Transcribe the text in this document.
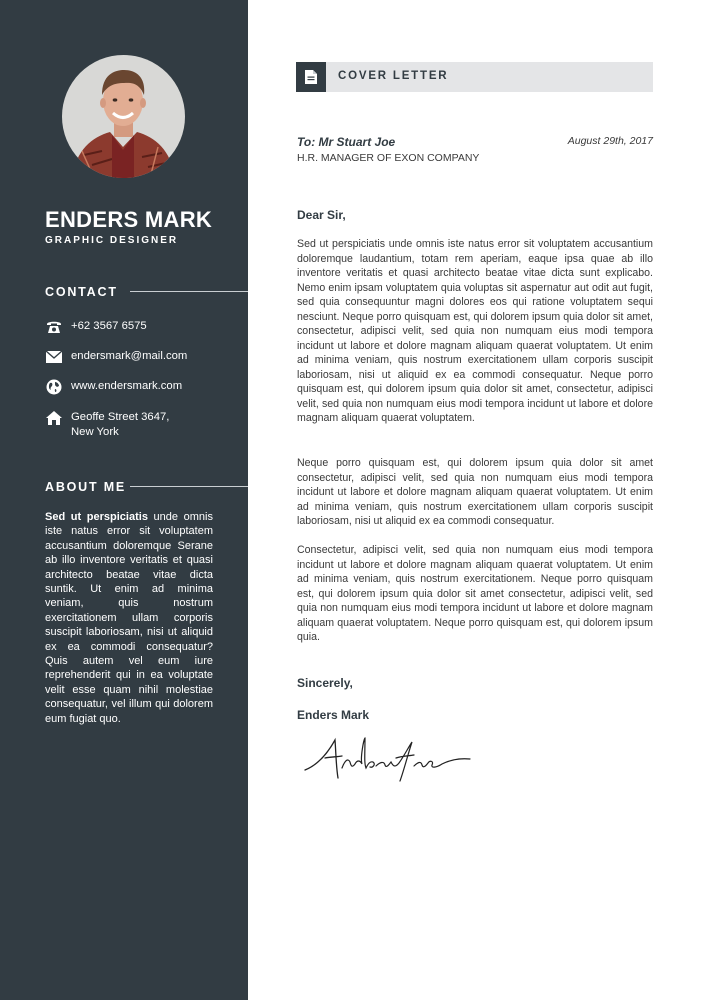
ENDERS MARK
GRAPHIC DESIGNER
CONTACT
+62 3567 6575
endersmark@mail.com
www.endersmark.com
Geoffe Street 3647,
New York
ABOUT ME
Sed ut perspiciatis unde omnis iste natus error sit voluptatem accusantium doloremque Serane ab illo inventore veritatis et quasi architecto beatae vitae dicta suntik. Ut enim ad minima veniam, quis nostrum exercitationem ullam corporis suscipit laboriosam, nisi ut aliquid ex ea commodi consequatur? Quis autem vel eum iure reprehenderit qui in ea voluptate velit esse quam nihil molestiae consequatur, vel illum qui dolorem eum fugiat quo.
COVER LETTER
To: Mr Stuart Joe
H.R. MANAGER OF EXON COMPANY
August 29th, 2017
Dear Sir,

Sed ut perspiciatis unde omnis iste natus error sit voluptatem accusantium doloremque laudantium, totam rem aperiam, eaque ipsa quae ab illo inventore veritatis et quasi architecto beatae vitae dicta sunt explicabo. Nemo enim ipsam voluptatem quia voluptas sit aspernatur aut odit aut fugit, sed quia consequuntur magni dolores eos qui ratione voluptatem sequi nesciunt. Neque porro quisquam est, qui dolorem ipsum quia dolor sit amet, consectetur, adipisci velit, sed quia non numquam eius modi tempora incidunt ut labore et dolore magnam aliquam quaerat voluptatem. Ut enim ad minima veniam, quis nostrum exercitationem ullam corporis suscipit laboriosam, nisi ut aliquid ex ea commodi consequatur. Neque porro quisquam est, qui dolorem ipsum quia dolor sit amet, consectetur, adipisci velit, sed quia non numquam eius modi tempora incidunt ut labore et dolore magnam aliquam quaerat voluptatem.

Neque porro quisquam est, qui dolorem ipsum quia dolor sit amet consectetur, adipisci velit, sed quia non numquam eius modi tempora incidunt ut labore et dolore magnam aliquam quaerat voluptatem. Ut enim ad minima veniam, quis nostrum exercitationem ullam corporis suscipit laboriosam, nisi ut aliquid ex ea commodi consequatur.

Consectetur, adipisci velit, sed quia non numquam eius modi tempora incidunt ut labore et dolore magnam aliquam quaerat voluptatem. Ut enim ad minima veniam, quis nostrum exercitationem. Neque porro quisquam est, qui dolorem ipsum quia dolor sit amet consectetur, adipisci velit, sed quia non numquam eius modi tempora incidunt ut labore et dolore magnam aliquam quaerat voluptatem. Neque porro quisquam est, qui dolorem ipsum quia.

Sincerely,
Enders Mark
